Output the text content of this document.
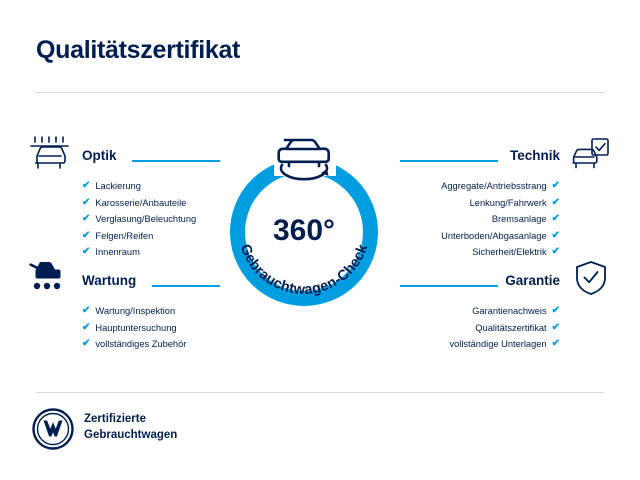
Qualitätszertifikat
Optik
✔ Lackierung
✔ Karosserie/Anbauteile
✔ Verglasung/Beleuchtung
✔ Felgen/Reifen
✔ Innenraum
Technik
Aggregate/Antriebsstrang ✔
Lenkung/Fahrwerk ✔
Bremsanlage ✔
Unterboden/Abgasanlage ✔
Sicherheit/Elektrik ✔
Wartung
✔ Wartung/Inspektion
✔ Hauptuntersuchung
✔ vollständiges Zubehör
Garantie
Garantienachweis ✔
Qualitätszertifikat ✔
vollständige Unterlagen ✔
360°
Gebrauchtwagen-Check
Zertifizierte
Gebrauchtwagen
